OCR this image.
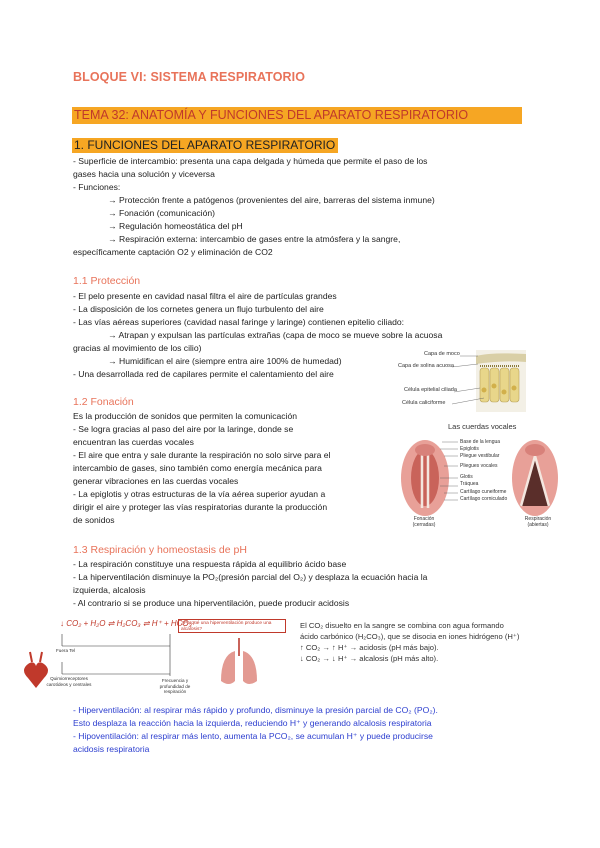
BLOQUE VI: SISTEMA RESPIRATORIO
TEMA 32: ANATOMÍA Y FUNCIONES DEL APARATO RESPIRATORIO
1. FUNCIONES DEL APARATO RESPIRATORIO
- Superficie de intercambio: presenta una capa delgada y húmeda que permite el paso de los
gases hacia una solución y viceversa
- Funciones:
→ Protección frente a patógenos (provenientes del aire, barreras del sistema inmune)
→ Fonación (comunicación)
→ Regulación homeostática del pH
→ Respiración externa: intercambio de gases entre la atmósfera y la sangre,
específicamente captación O2 y eliminación de CO2
1.1 Protección
- El pelo presente en cavidad nasal filtra el aire de partículas grandes
- La disposición de los cornetes genera un flujo turbulento del aire
- Las vías aéreas superiores (cavidad nasal faringe y laringe) contienen epitelio ciliado:
→ Atrapan y expulsan las partículas extrañas (capa de moco se mueve sobre la acuosa
gracias al movimiento de los cilio)
→ Humidifican el aire (siempre entra aire 100% de humedad)
- Una desarrollada red de capilares permite el calentamiento del aire
Capa de moco
Capa de solina acuosa
Célula epitelial ciliada
Célula caliciforme
1.2 Fonación
Es la producción de sonidos que permiten la comunicación
- Se logra gracias al paso del aire por la laringe, donde se
encuentran las cuerdas vocales
- El aire que entra y sale durante la respiración no solo sirve para el
intercambio de gases, sino también como energía mecánica para
generar vibraciones en las cuerdas vocales
- La epiglotis y otras estructuras de la vía aérea superior ayudan a
dirigir el aire y proteger las vías respiratorias durante la producción
de sonidos
Las cuerdas vocales
Base de la lengua
Epiglotis
Pliegue vestibular
Pliegues vocales
Glotis
Tráquea
Cartílago cuneiforme
Cartílago corniculado
Fonación (cerradas)
Respiración (abiertas)
1.3 Respiración y homeostasis de pH
- La respiración constituye una respuesta rápida al equilibrio ácido base
- La hiperventilación disminuye la PO₂(presión parcial del O₂) y desplaza la ecuación hacia la
izquierda, alcalosis
- Al contrario si se produce una hiperventilación, puede producir acidosis
↓ CO₂ + H₂O ⇌ H₂CO₃ ⇌ H⁺ + HCO₃⁻
¿Porqué una hiperventilación produce una alcalosis?
Fuera Tel
Quimiorreceptores carotídeos y centrales
Frecuencia y profundidad de respiración
El CO₂ disuelto en la sangre se combina con agua formando
ácido carbónico (H₂CO₃), que se disocia en iones hidrógeno (H⁺)
↑ CO₂ → ↑ H⁺ → acidosis (pH más bajo).
↓ CO₂ → ↓ H⁺ → alcalosis (pH más alto).
- Hiperventilación: al respirar más rápido y profundo, disminuye la presión parcial de CO₂ (PO₂).
Esto desplaza la reacción hacia la izquierda, reduciendo H⁺ y generando alcalosis respiratoria
- Hipoventilación: al respirar más lento, aumenta la PCO₂, se acumulan H⁺ y puede producirse
acidosis respiratoria
